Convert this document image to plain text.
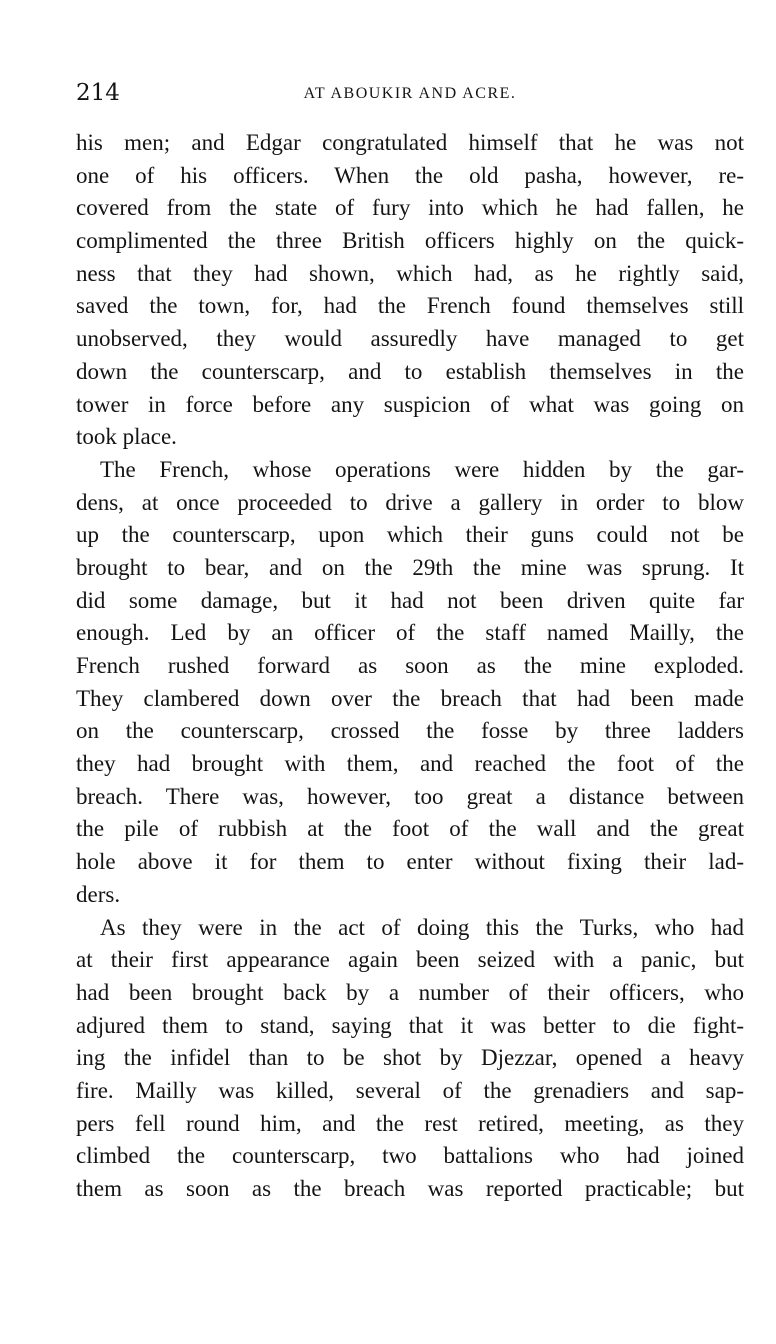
214	AT ABOUKIR AND ACRE.
his men; and Edgar congratulated himself that he was not
one of his officers. When the old pasha, however, re-
covered from the state of fury into which he had fallen, he
complimented the three British officers highly on the quick-
ness that they had shown, which had, as he rightly said,
saved the town, for, had the French found themselves still
unobserved, they would assuredly have managed to get
down the counterscarp, and to establish themselves in the
tower in force before any suspicion of what was going on
took place.
The French, whose operations were hidden by the gar-
dens, at once proceeded to drive a gallery in order to blow
up the counterscarp, upon which their guns could not be
brought to bear, and on the 29th the mine was sprung. It
did some damage, but it had not been driven quite far
enough. Led by an officer of the staff named Mailly, the
French rushed forward as soon as the mine exploded.
They clambered down over the breach that had been made
on the counterscarp, crossed the fosse by three ladders
they had brought with them, and reached the foot of the
breach. There was, however, too great a distance between
the pile of rubbish at the foot of the wall and the great
hole above it for them to enter without fixing their lad-
ders.
As they were in the act of doing this the Turks, who had
at their first appearance again been seized with a panic, but
had been brought back by a number of their officers, who
adjured them to stand, saying that it was better to die fight-
ing the infidel than to be shot by Djezzar, opened a heavy
fire. Mailly was killed, several of the grenadiers and sap-
pers fell round him, and the rest retired, meeting, as they
climbed the counterscarp, two battalions who had joined
them as soon as the breach was reported practicable; but
